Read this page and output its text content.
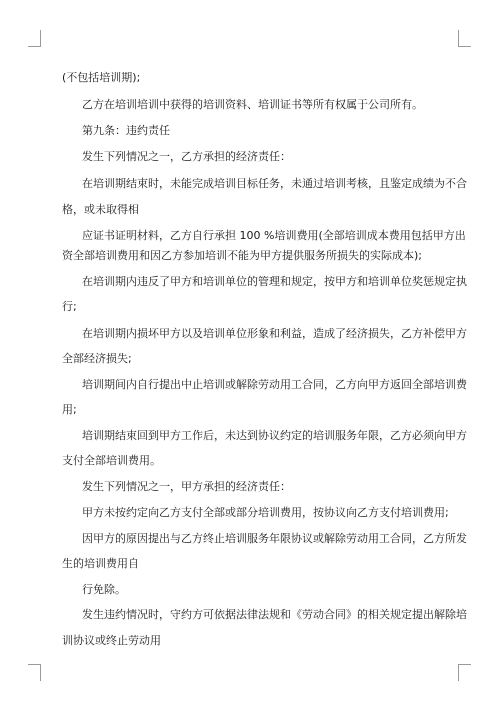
(不包括培训期);
乙方在培训培训中获得的培训资料、培训证书等所有权属于公司所有。
第九条：违约责任
发生下列情况之一，乙方承担的经济责任：
在培训期结束时，未能完成培训目标任务，未通过培训考核，且鉴定成绩为不合
格，或未取得相
应证书证明材料，乙方自行承担 100 %培训费用(全部培训成本费用包括甲方出
资全部培训费用和因乙方参加培训不能为甲方提供服务所损失的实际成本);
在培训期内违反了甲方和培训单位的管理和规定，按甲方和培训单位奖惩规定执
行;
在培训期内损坏甲方以及培训单位形象和利益，造成了经济损失，乙方补偿甲方
全部经济损失;
培训期间内自行提出中止培训或解除劳动用工合同，乙方向甲方返回全部培训费
用;
培训期结束回到甲方工作后，未达到协议约定的培训服务年限，乙方必须向甲方
支付全部培训费用。
发生下列情况之一，甲方承担的经济责任：
甲方未按约定向乙方支付全部或部分培训费用，按协议向乙方支付培训费用;
因甲方的原因提出与乙方终止培训服务年限协议或解除劳动用工合同，乙方所发
生的培训费用自
行免除。
发生违约情况时，守约方可依据法律法规和《劳动合同》的相关规定提出解除培
训协议或终止劳动用
